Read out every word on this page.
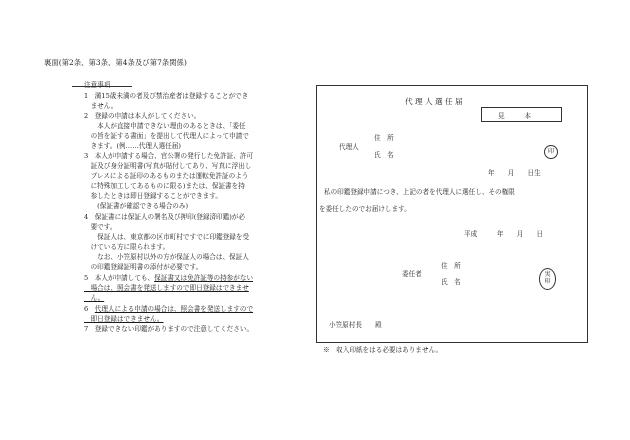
裏面(第2条、第3条、第4条及び第7条関係)
注意事項
1　満15歳未満の者及び禁治産者は登録することができ
　ません。
2　登録の申請は本人がしてください。
　　本人が直接申請できない理由のあるときは、「委任
　の旨を証する書面」を提出して代理人によって申請で
　きます。(例……代理人選任届)
3　本人が申請する場合、官公署の発行した免許証、許可
　証及び身分証明書(写真が貼付してあり、写真に浮出し
　プレスによる証印のあるものまたは運転免許証のよう
　に特殊加工してあるものに限る)または、保証書を持
　参したときは即日登録することができます。
　　(保証書が確認できる場合のみ)
4　保証書には保証人の署名及び押印(登録済印鑑)が必
　要です。
　　保証人は、東京都の区市町村ですでに印鑑登録を受
　けている方に限られます。
　　なお、小笠原村以外の方が保証人の場合は、保証人
　の印鑑登録証明書の添付が必要です。
5　本人が申請しても、保証書又は免許証等の持参がない
　場合は、照会書を発送しますので即日登録はできませ
　ん。
6　代理人による申請の場合は、照会書を発送しますので
　即日登録はできません。
7　登録できない印鑑がありますので注意してください。
代 理 人 選 任 届
見　　　本
代理人
住　所
氏　名	印
年　　月　　日生
私の印鑑登録申請につき、上記の者を代理人に選任し、その権限
を委任したのでお届けします。
平成　　　年　　月　　日
委任者
住　所
氏　名
実
印
小笠原村長　　殿
※　収入印紙をはる必要はありません。
